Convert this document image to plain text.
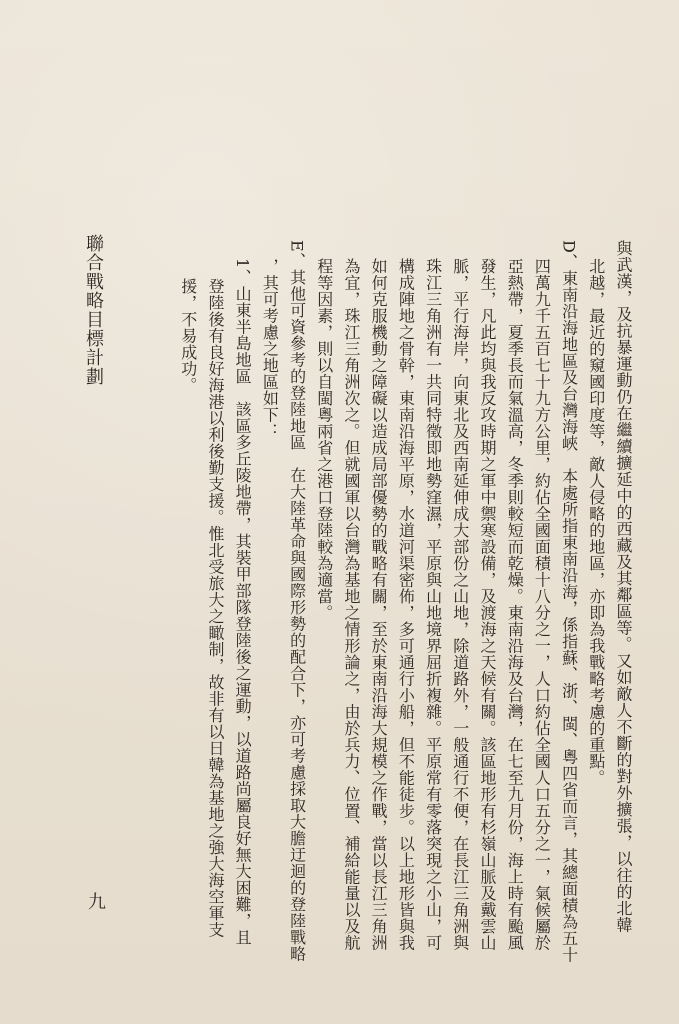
聯合戰略目標計劃	與武漢，及抗暴運動仍在繼續擴延中的西藏及其鄰區等。又如敵人不斷的對外擴張，以往的北韓
北越，最近的窺國印度等，敵人侵略的地區，亦即為我戰略考慮的重點。
D、東南沿海地區及台灣海峽　本處所指東南沿海，係指蘇、浙、閩、粵四省而言，其總面積為五十
四萬九千五百七十九方公里，約佔全國面積十八分之一，人口約佔全國人口五分之一，氣候屬於
亞熱帶，夏季長而氣溫高，冬季則較短而乾燥。東南沿海及台灣，在七至九月份，海上時有颱風
發生，凡此均與我反攻時期之軍中禦寒設備，及渡海之天候有關。該區地形有杉嶺山脈及戴雲山
脈，平行海岸，向東北及西南延伸成大部份之山地，除道路外，一般通行不便，在長江三角洲與
珠江三角洲有一共同特徵即地勢窪濕，平原與山地境界屈折複雜。平原常有零落突現之小山，可
構成陣地之骨幹，東南沿海平原，水道河渠密佈，多可通行小船，但不能徒步。以上地形皆與我
如何克服機動之障礙以造成局部優勢的戰略有關，至於東南沿海大規模之作戰，當以長江三角洲
為宜，珠江三角洲次之。但就國軍以台灣為基地之情形論之，由於兵力、位置、補給能量以及航
程等因素，則以自閩粵兩省之港口登陸較為適當。
E、其他可資參考的登陸地區　在大陸革命與國際形勢的配合下，亦可考慮採取大膽迂迴的登陸戰略
，其可考慮之地區如下：
1、山東半島地區　該區多丘陵地帶，其裝甲部隊登陸後之運動，以道路尚屬良好無大困難，且
登陸後有良好海港以利後勤支援。惟北受旅大之瞰制，故非有以日韓為基地之強大海空軍支
援，不易成功。
九
